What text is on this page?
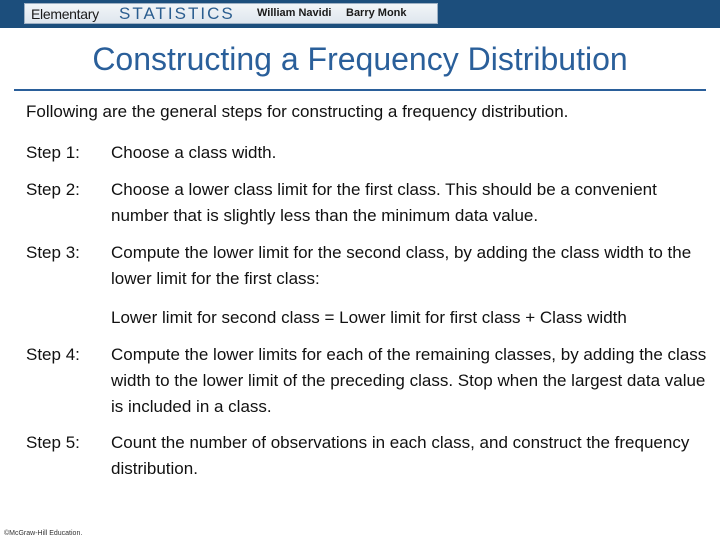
Elementary STATISTICS William Navidi Barry Monk
Constructing a Frequency Distribution
Following are the general steps for constructing a frequency distribution.
Step 1: Choose a class width.
Step 2: Choose a lower class limit for the first class. This should be a convenient number that is slightly less than the minimum data value.
Step 3: Compute the lower limit for the second class, by adding the class width to the lower limit for the first class:
Lower limit for second class = Lower limit for first class + Class width
Step 4: Compute the lower limits for each of the remaining classes, by adding the class width to the lower limit of the preceding class. Stop when the largest data value is included in a class.
Step 5: Count the number of observations in each class, and construct the frequency distribution.
©McGraw-Hill Education.
